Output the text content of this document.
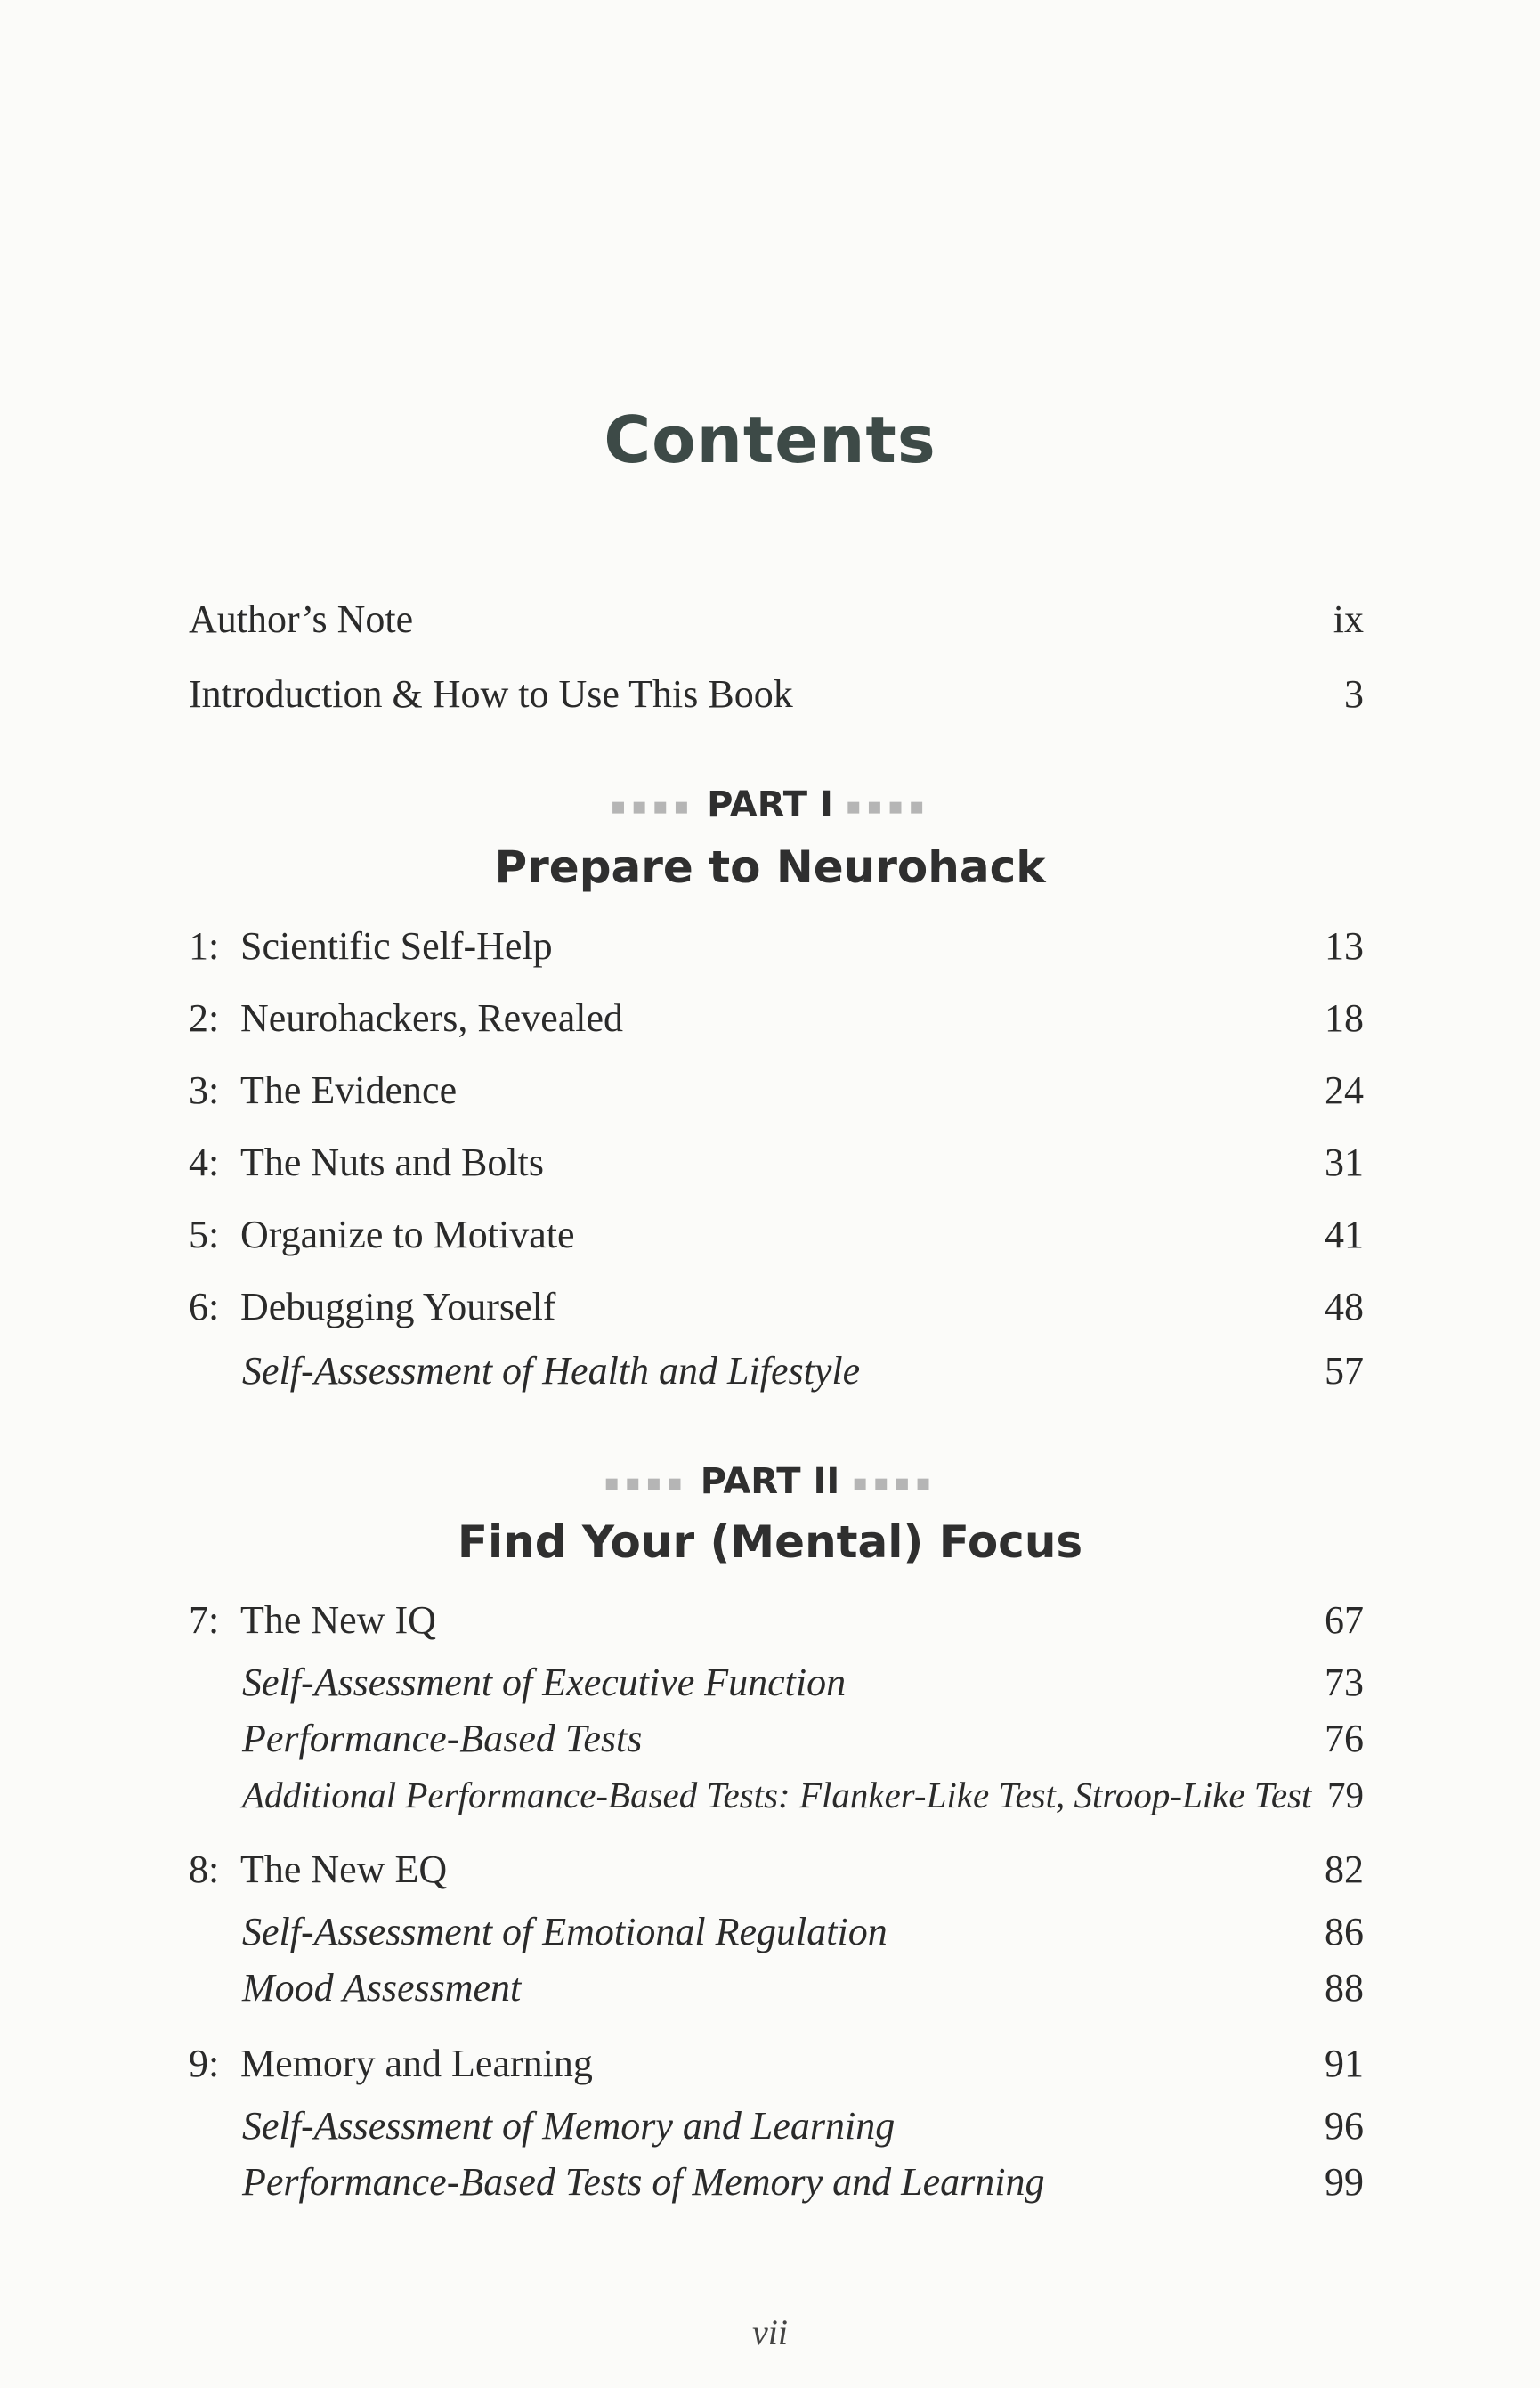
Contents
Author’s Note	ix
Introduction & How to Use This Book	3
▪▪▪▪ PART I ▪▪▪▪
Prepare to Neurohack
1: Scientific Self-Help	13
2: Neurohackers, Revealed	18
3: The Evidence	24
4: The Nuts and Bolts	31
5: Organize to Motivate	41
6: Debugging Yourself	48
Self-Assessment of Health and Lifestyle	57
▪▪▪▪ PART II ▪▪▪▪
Find Your (Mental) Focus
7: The New IQ	67
Self-Assessment of Executive Function	73
Performance-Based Tests	76
Additional Performance-Based Tests: Flanker-Like Test, Stroop-Like Test 79
8: The New EQ	82
Self-Assessment of Emotional Regulation	86
Mood Assessment	88
9: Memory and Learning	91
Self-Assessment of Memory and Learning	96
Performance-Based Tests of Memory and Learning	99
vii
